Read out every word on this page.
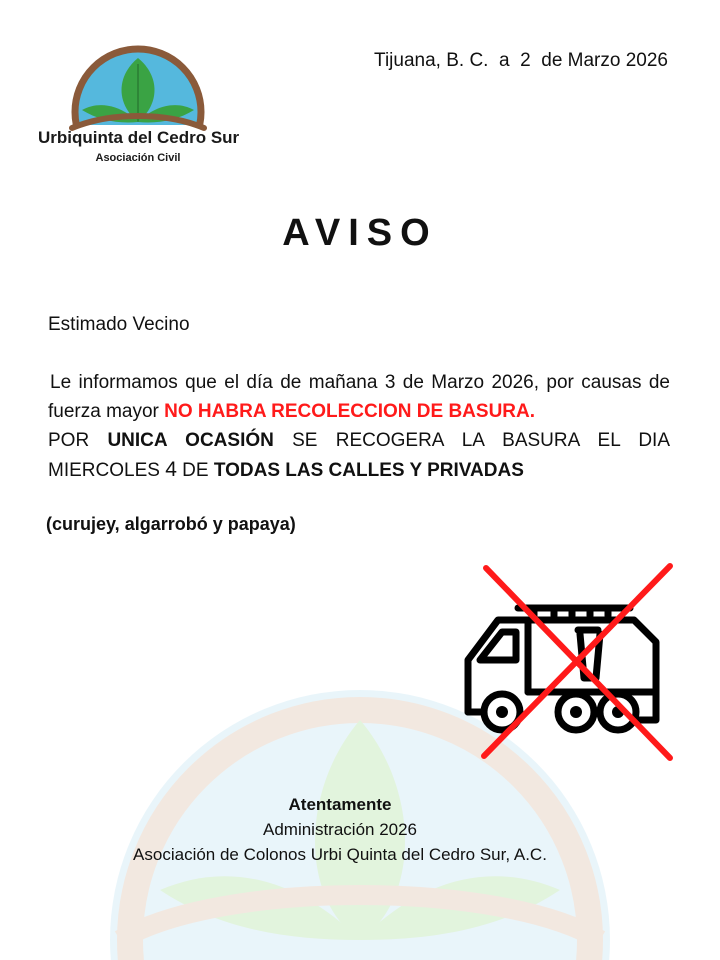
Urbiquinta del Cedro Sur
Asociación Civil
Tijuana, B. C.  a  2  de Marzo 2026
AVISO
Estimado Vecino

Le informamos que el día de mañana 3 de Marzo 2026, por causas de fuerza mayor NO HABRA RECOLECCION DE BASURA.

POR UNICA OCASIÓN SE RECOGERA LA BASURA EL DIA MIERCOLES 4 DE TODAS LAS CALLES Y PRIVADAS

(curujey, algarrobó y papaya)
Atentamente
Administración 2026
Asociación de Colonos Urbi Quinta del Cedro Sur, A.C.
